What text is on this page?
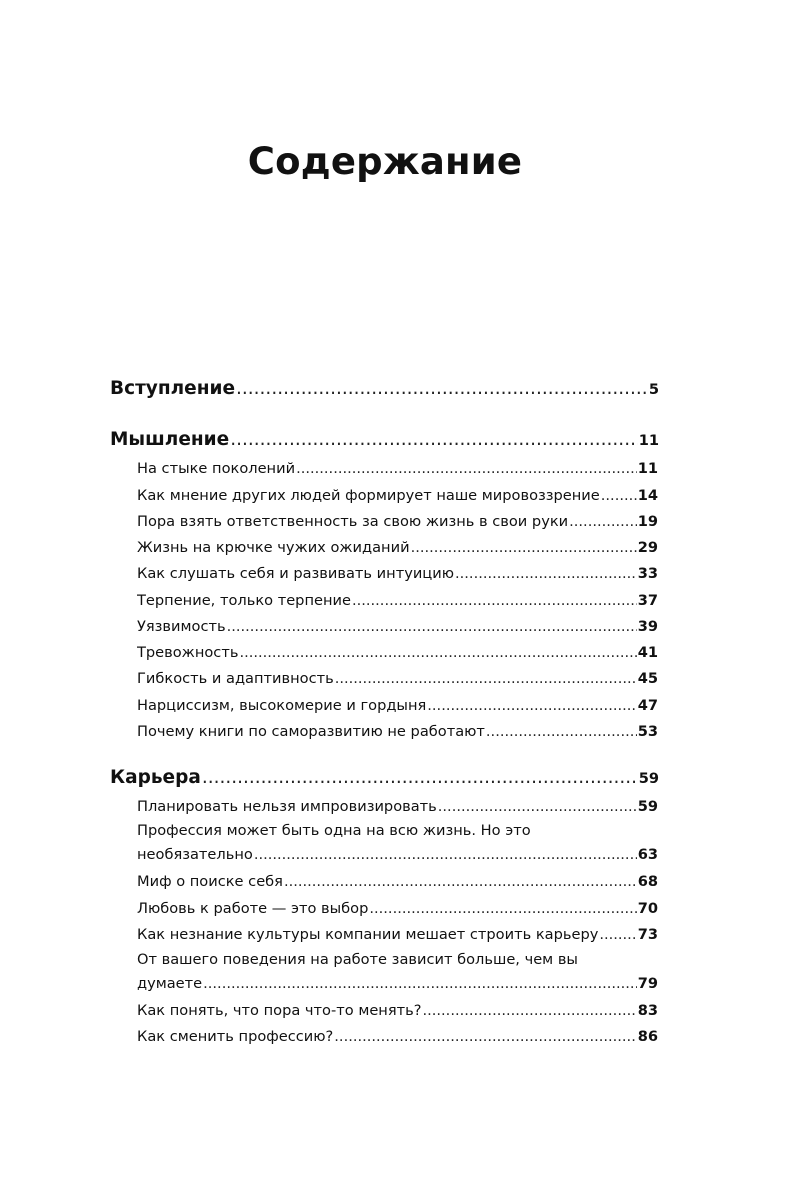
Содержание
Вступление .....	5
Мышление .....	11
На стыке поколений .....	11
Как мнение других людей формирует наше мировоззрение .....	14
Пора взять ответственность за свою жизнь в свои руки .....	19
Жизнь на крючке чужих ожиданий .....	29
Как слушать себя и развивать интуицию .....	33
Терпение, только терпение .....	37
Уязвимость .....	39
Тревожность .....	41
Гибкость и адаптивность .....	45
Нарциссизм, высокомерие и гордыня .....	47
Почему книги по саморазвитию не работают .....	53
Карьера .....	59
Планировать нельзя импровизировать .....	59
Профессия может быть одна на всю жизнь. Но это
необязательно .....	63
Миф о поиске себя .....	68
Любовь к работе — это выбор .....	70
Как незнание культуры компании мешает строить карьеру .....	73
От вашего поведения на работе зависит больше, чем вы
думаете .....	79
Как понять, что пора что-то менять? .....	83
Как сменить профессию? .....	86
